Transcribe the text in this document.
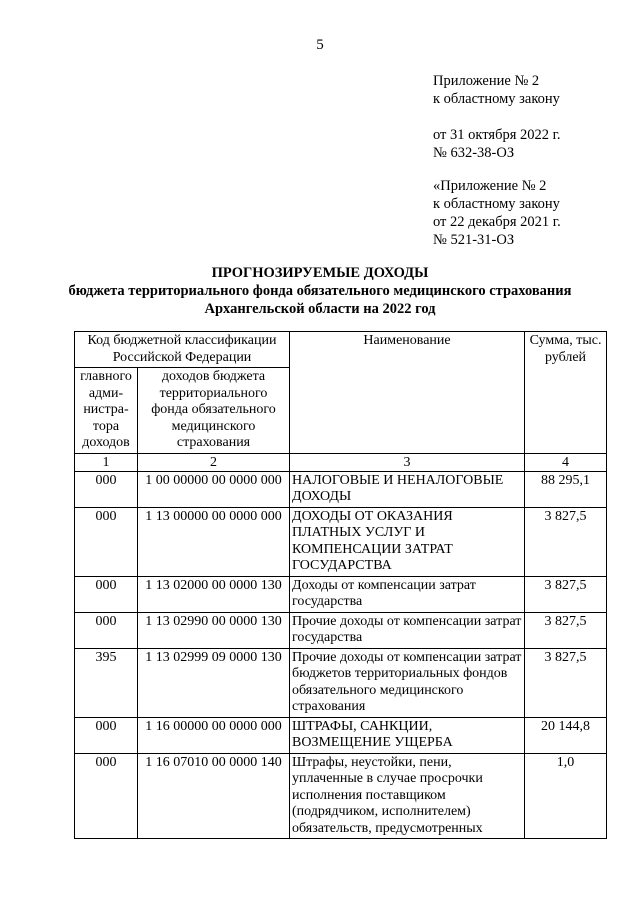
5
Приложение № 2
к областному закону
от 31 октября 2022 г.
№ 632-38-ОЗ
«Приложение № 2
к областному закону
от 22 декабря 2021 г.
№ 521-31-ОЗ
ПРОГНОЗИРУЕМЫЕ ДОХОДЫ
бюджета территориального фонда обязательного медицинского страхования
Архангельской области на 2022 год
Код бюджетной классификации Российской Федерации		Наименование	Сумма, тыс. рублей
главного адми-нистра-тора доходов	доходов бюджета территориального фонда обязательного медицинского страхования		
1	2	3	4
000	1 00 00000 00 0000 000	НАЛОГОВЫЕ И НЕНАЛОГОВЫЕ ДОХОДЫ	88 295,1
000	1 13 00000 00 0000 000	ДОХОДЫ ОТ ОКАЗАНИЯ ПЛАТНЫХ УСЛУГ И КОМПЕНСАЦИИ ЗАТРАТ ГОСУДАРСТВА	3 827,5
000	1 13 02000 00 0000 130	Доходы от компенсации затрат государства	3 827,5
000	1 13 02990 00 0000 130	Прочие доходы от компенсации затрат государства	3 827,5
395	1 13 02999 09 0000 130	Прочие доходы от компенсации затрат бюджетов территориальных фондов обязательного медицинского страхования	3 827,5
000	1 16 00000 00 0000 000	ШТРАФЫ, САНКЦИИ, ВОЗМЕЩЕНИЕ УЩЕРБА	20 144,8
000	1 16 07010 00 0000 140	Штрафы, неустойки, пени, уплаченные в случае просрочки исполнения поставщиком (подрядчиком, исполнителем) обязательств, предусмотренных	1,0
